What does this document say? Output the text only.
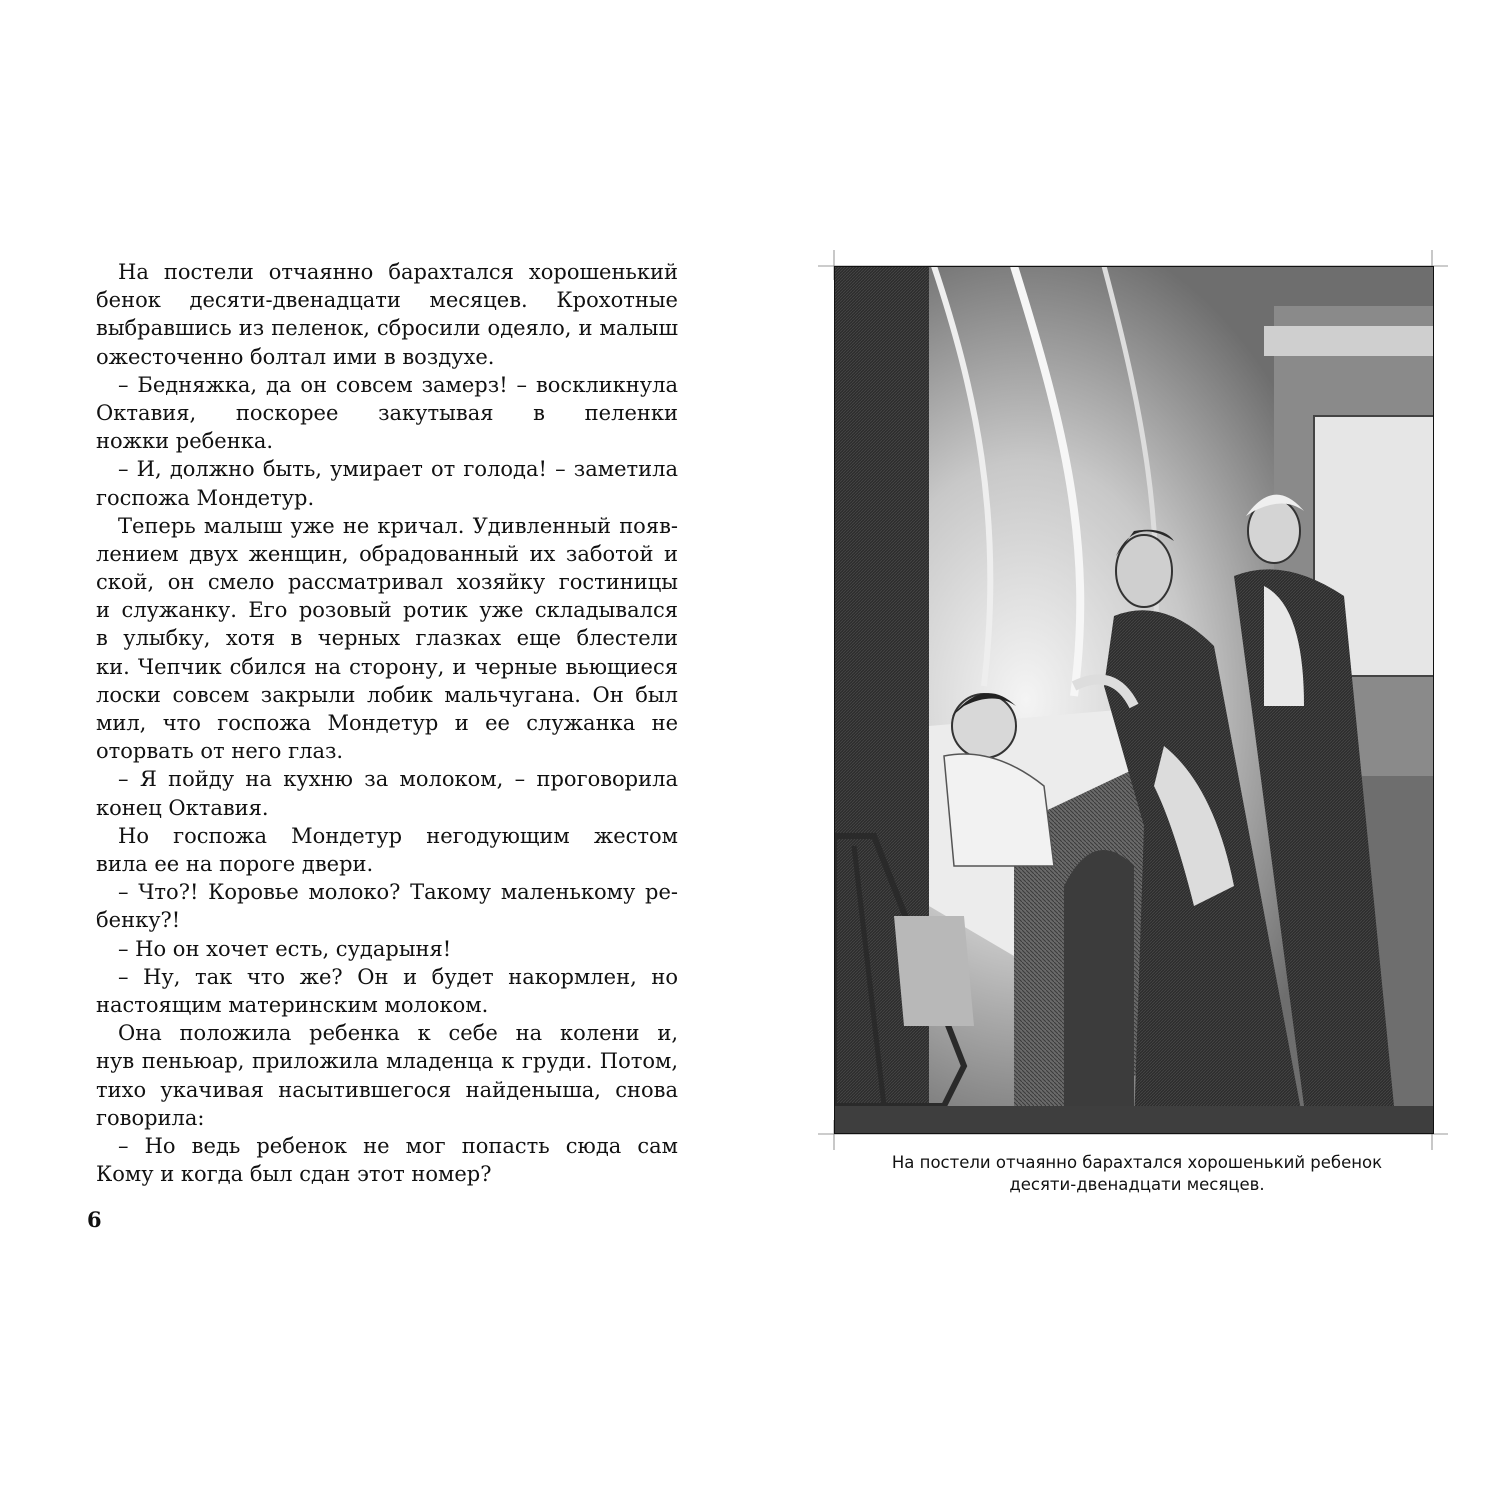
На постели отчаянно барахтался хорошенький
бенок десяти-двенадцати месяцев. Крохотные
выбравшись из пеленок, сбросили одеяло, и малыш
ожесточенно болтал ими в воздухе.
– Бедняжка, да он совсем замерз! – воскликнула
Октавия, поскорее закутывая в пеленки
ножки ребенка.
– И, должно быть, умирает от голода! – заметила
госпожа Мондетур.
Теперь малыш уже не кричал. Удивленный появ-
лением двух женщин, обрадованный их заботой и
ской, он смело рассматривал хозяйку гостиницы
и служанку. Его розовый ротик уже складывался
в улыбку, хотя в черных глазках еще блестели
ки. Чепчик сбился на сторону, и черные вьющиеся
лоски совсем закрыли лобик мальчугана. Он был
мил, что госпожа Мондетур и ее служанка не
оторвать от него глаз.
– Я пойду на кухню за молоком, – проговорила
конец Октавия.
Но госпожа Мондетур негодующим жестом
вила ее на пороге двери.
– Что?! Коровье молоко? Такому маленькому ре-
бенку?!
– Но он хочет есть, сударыня!
– Ну, так что же? Он и будет накормлен, но
настоящим материнским молоком.
Она положила ребенка к себе на колени и,
нув пеньюар, приложила младенца к груди. Потом,
тихо укачивая насытившегося найденыша, снова
говорила:
– Но ведь ребенок не мог попасть сюда сам
Кому и когда был сдан этот номер?
6
На постели отчаянно барахтался хорошенький ребенок
десяти-двенадцати месяцев.
